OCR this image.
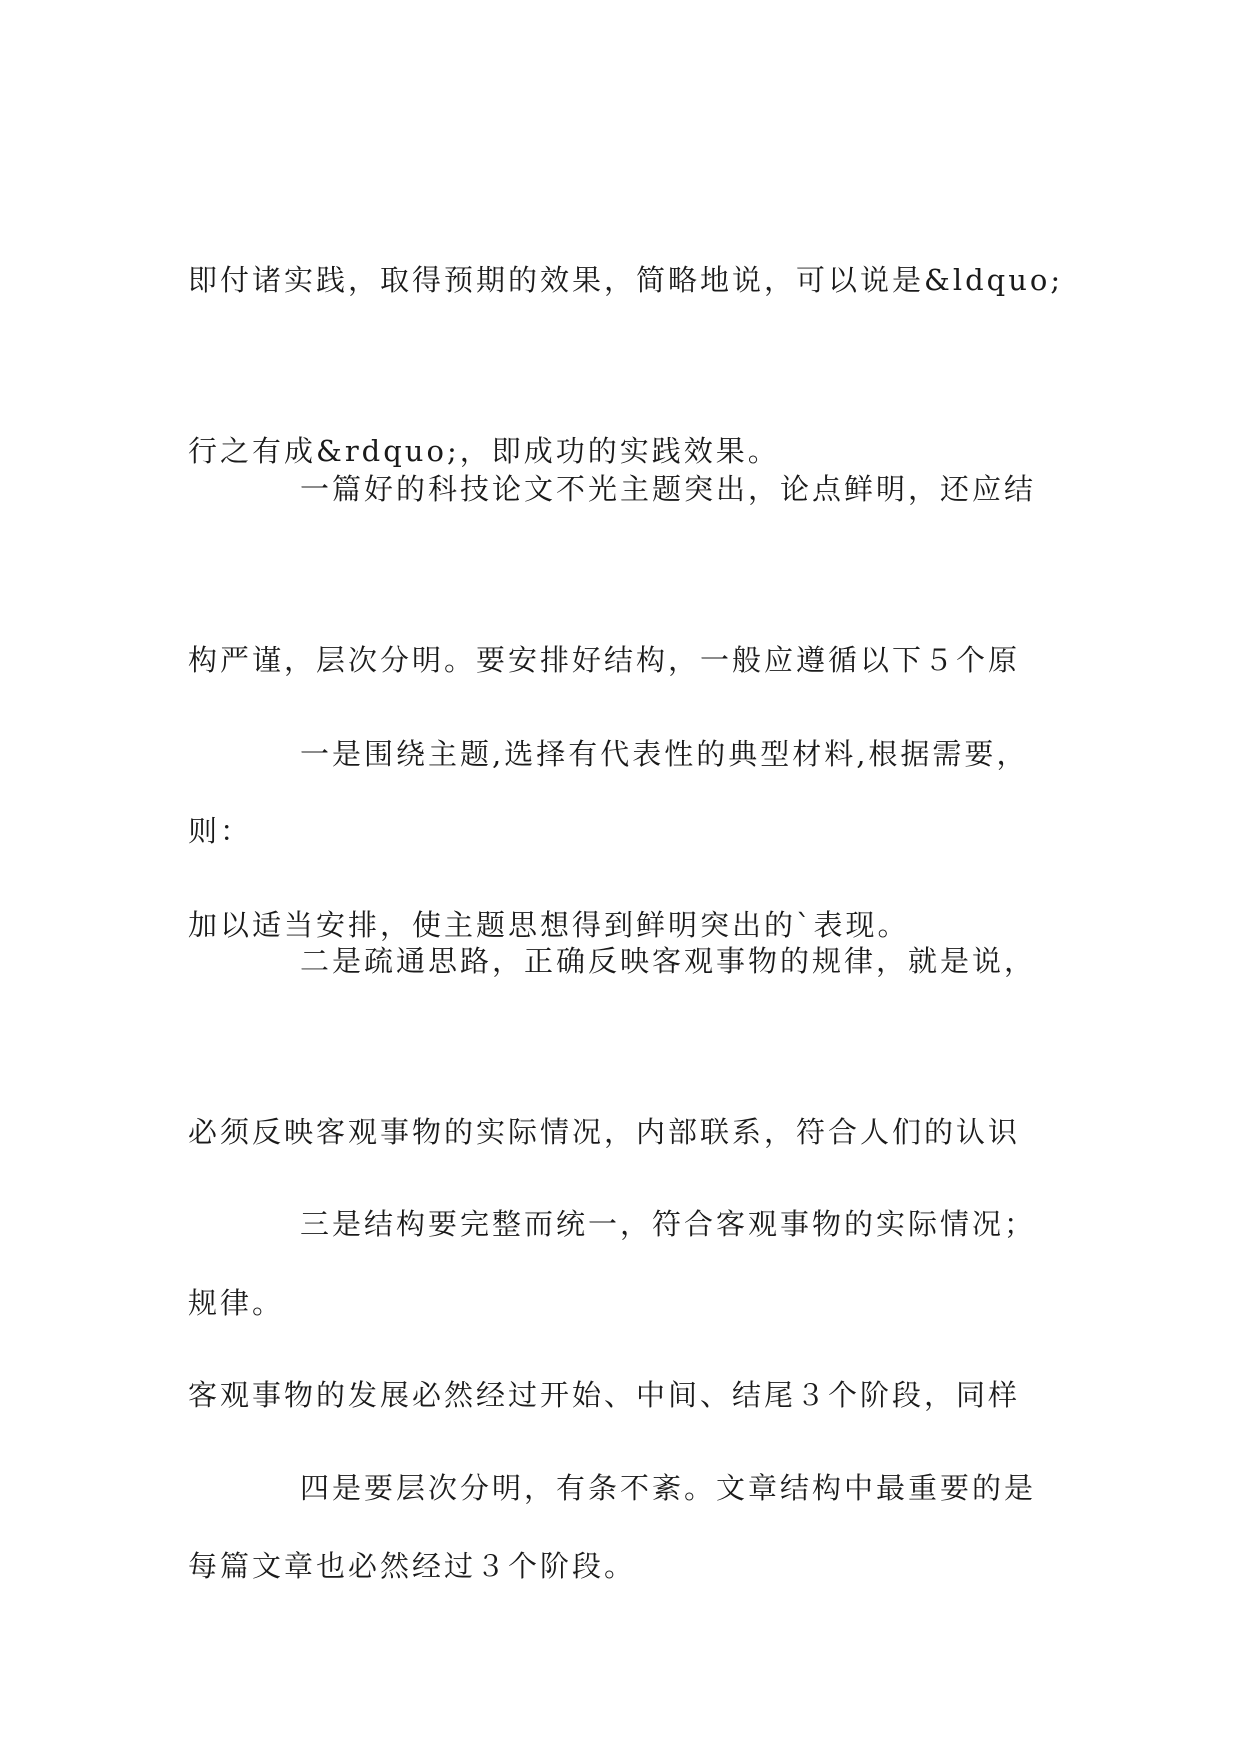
即付诸实践，取得预期的效果，简略地说，可以说是&ldquo;

行之有成&rdquo;，即成功的实践效果。

一篇好的科技论文不光主题突出，论点鲜明，还应结

构严谨，层次分明。要安排好结构，一般应遵循以下５个原

则：

一是围绕主题,选择有代表性的典型材料,根据需要，

加以适当安排，使主题思想得到鲜明突出的`表现。

二是疏通思路，正确反映客观事物的规律，就是说，

必须反映客观事物的实际情况，内部联系，符合人们的认识

规律。

三是结构要完整而统一，符合客观事物的实际情况；

客观事物的发展必然经过开始、中间、结尾３个阶段，同样

每篇文章也必然经过３个阶段。

四是要层次分明，有条不紊。文章结构中最重要的是
